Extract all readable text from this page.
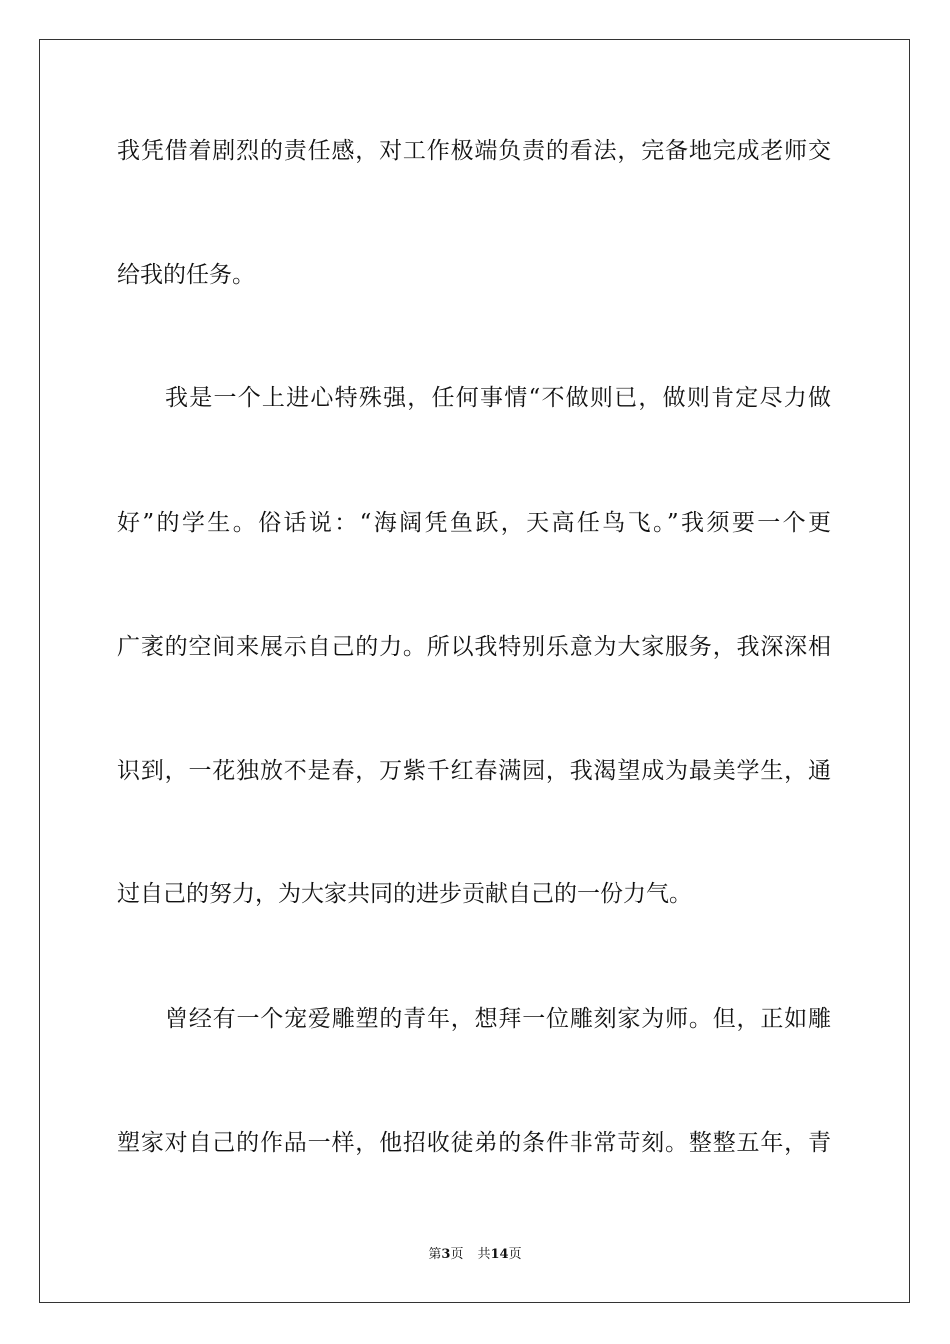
我凭借着剧烈的责任感，对工作极端负责的看法，完备地完成老师交
给我的任务。
我是一个上进心特殊强，任何事情“不做则已，做则肯定尽力做
好”的学生。俗话说：“海阔凭鱼跃，天高任鸟飞。”我须要一个更
广袤的空间来展示自己的力。所以我特别乐意为大家服务，我深深相
识到，一花独放不是春，万紫千红春满园，我渴望成为最美学生，通
过自己的努力，为大家共同的进步贡献自己的一份力气。
曾经有一个宠爱雕塑的青年，想拜一位雕刻家为师。但，正如雕
塑家对自己的作品一样，他招收徒弟的条件非常苛刻。整整五年，青
第3页 共14页
